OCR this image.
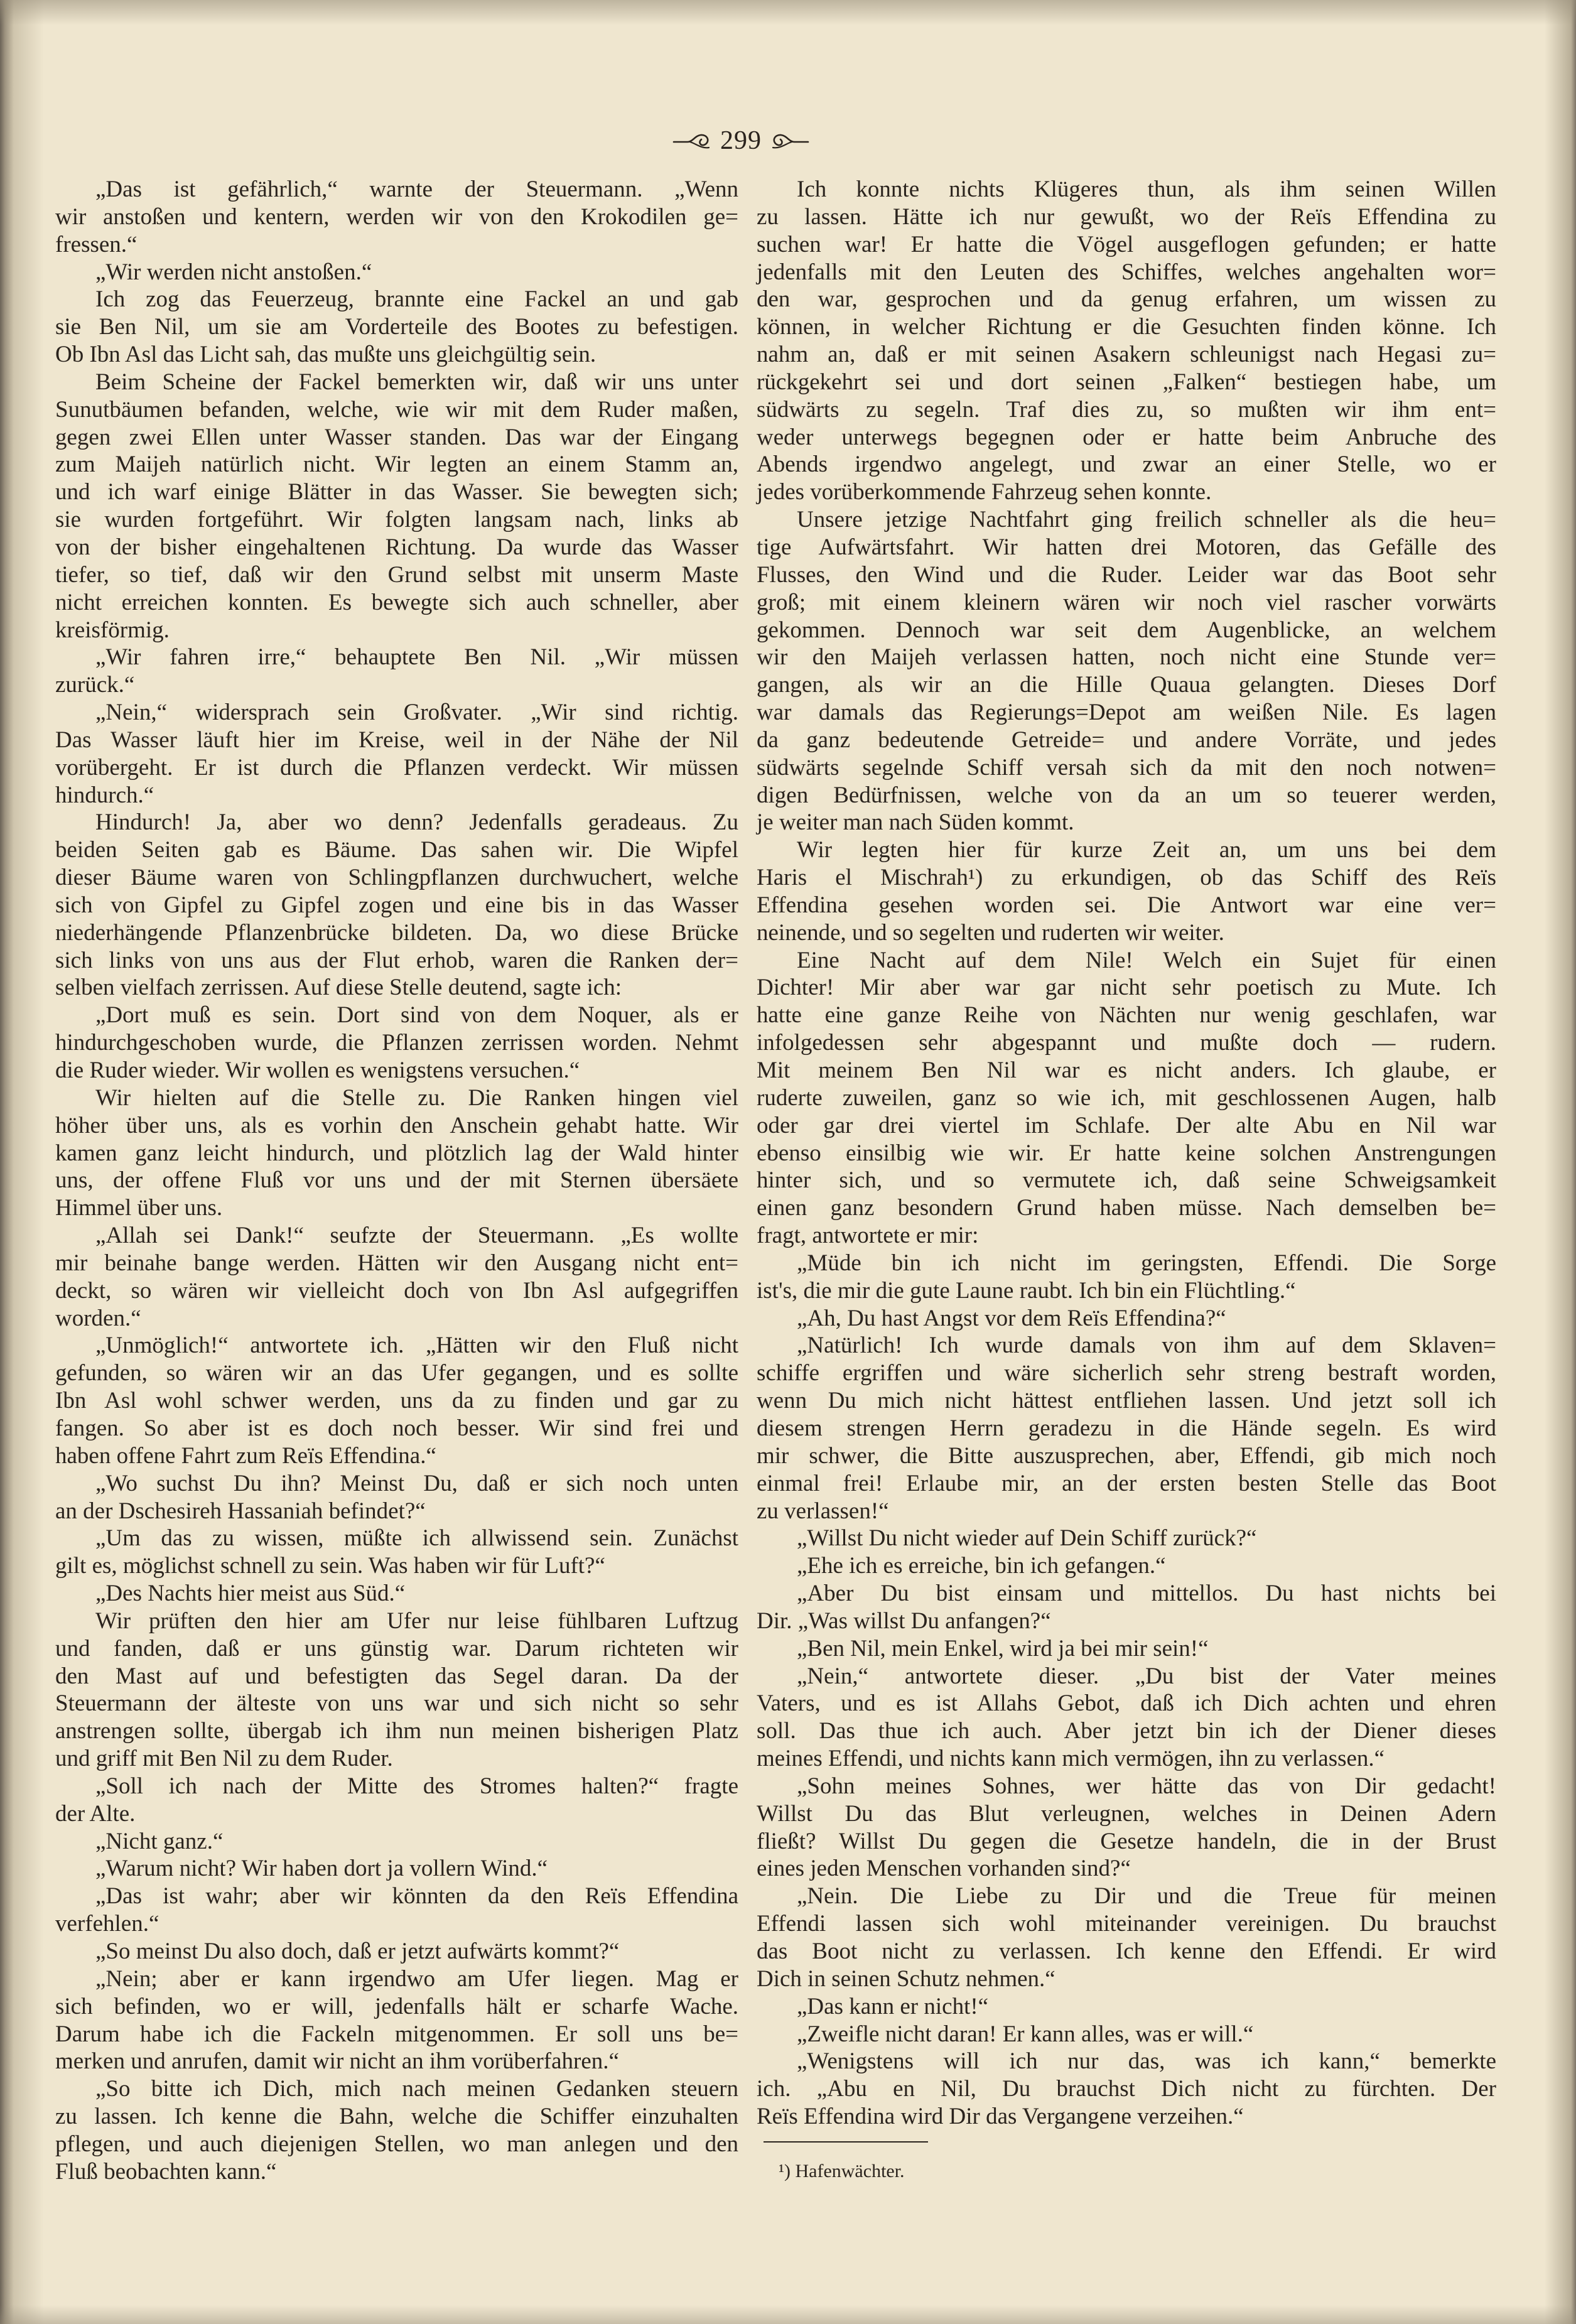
299
„Das ist gefährlich,“ warnte der Steuermann. „Wenn
wir anstoßen und kentern, werden wir von den Krokodilen ge=
fressen.“
„Wir werden nicht anstoßen.“
Ich zog das Feuerzeug, brannte eine Fackel an und gab
sie Ben Nil, um sie am Vorderteile des Bootes zu befestigen.
Ob Ibn Asl das Licht sah, das mußte uns gleichgültig sein.
Beim Scheine der Fackel bemerkten wir, daß wir uns unter
Sunutbäumen befanden, welche, wie wir mit dem Ruder maßen,
gegen zwei Ellen unter Wasser standen. Das war der Eingang
zum Maijeh natürlich nicht. Wir legten an einem Stamm an,
und ich warf einige Blätter in das Wasser. Sie bewegten sich;
sie wurden fortgeführt. Wir folgten langsam nach, links ab
von der bisher eingehaltenen Richtung. Da wurde das Wasser
tiefer, so tief, daß wir den Grund selbst mit unserm Maste
nicht erreichen konnten. Es bewegte sich auch schneller, aber
kreisförmig.
„Wir fahren irre,“ behauptete Ben Nil. „Wir müssen
zurück.“
„Nein,“ widersprach sein Großvater. „Wir sind richtig.
Das Wasser läuft hier im Kreise, weil in der Nähe der Nil
vorübergeht. Er ist durch die Pflanzen verdeckt. Wir müssen
hindurch.“
Hindurch! Ja, aber wo denn? Jedenfalls geradeaus. Zu
beiden Seiten gab es Bäume. Das sahen wir. Die Wipfel
dieser Bäume waren von Schlingpflanzen durchwuchert, welche
sich von Gipfel zu Gipfel zogen und eine bis in das Wasser
niederhängende Pflanzenbrücke bildeten. Da, wo diese Brücke
sich links von uns aus der Flut erhob, waren die Ranken der=
selben vielfach zerrissen. Auf diese Stelle deutend, sagte ich:
„Dort muß es sein. Dort sind von dem Noquer, als er
hindurchgeschoben wurde, die Pflanzen zerrissen worden. Nehmt
die Ruder wieder. Wir wollen es wenigstens versuchen.“
Wir hielten auf die Stelle zu. Die Ranken hingen viel
höher über uns, als es vorhin den Anschein gehabt hatte. Wir
kamen ganz leicht hindurch, und plötzlich lag der Wald hinter
uns, der offene Fluß vor uns und der mit Sternen übersäete
Himmel über uns.
„Allah sei Dank!“ seufzte der Steuermann. „Es wollte
mir beinahe bange werden. Hätten wir den Ausgang nicht ent=
deckt, so wären wir vielleicht doch von Ibn Asl aufgegriffen
worden.“
„Unmöglich!“ antwortete ich. „Hätten wir den Fluß nicht
gefunden, so wären wir an das Ufer gegangen, und es sollte
Ibn Asl wohl schwer werden, uns da zu finden und gar zu
fangen. So aber ist es doch noch besser. Wir sind frei und
haben offene Fahrt zum Reïs Effendina.“
„Wo suchst Du ihn? Meinst Du, daß er sich noch unten
an der Dschesireh Hassaniah befindet?“
„Um das zu wissen, müßte ich allwissend sein. Zunächst
gilt es, möglichst schnell zu sein. Was haben wir für Luft?“
„Des Nachts hier meist aus Süd.“
Wir prüften den hier am Ufer nur leise fühlbaren Luftzug
und fanden, daß er uns günstig war. Darum richteten wir
den Mast auf und befestigten das Segel daran. Da der
Steuermann der älteste von uns war und sich nicht so sehr
anstrengen sollte, übergab ich ihm nun meinen bisherigen Platz
und griff mit Ben Nil zu dem Ruder.
„Soll ich nach der Mitte des Stromes halten?“ fragte
der Alte.
„Nicht ganz.“
„Warum nicht? Wir haben dort ja vollern Wind.“
„Das ist wahr; aber wir könnten da den Reïs Effendina
verfehlen.“
„So meinst Du also doch, daß er jetzt aufwärts kommt?“
„Nein; aber er kann irgendwo am Ufer liegen. Mag er
sich befinden, wo er will, jedenfalls hält er scharfe Wache.
Darum habe ich die Fackeln mitgenommen. Er soll uns be=
merken und anrufen, damit wir nicht an ihm vorüberfahren.“
„So bitte ich Dich, mich nach meinen Gedanken steuern
zu lassen. Ich kenne die Bahn, welche die Schiffer einzuhalten
pflegen, und auch diejenigen Stellen, wo man anlegen und den
Fluß beobachten kann.“
Ich konnte nichts Klügeres thun, als ihm seinen Willen
zu lassen. Hätte ich nur gewußt, wo der Reïs Effendina zu
suchen war! Er hatte die Vögel ausgeflogen gefunden; er hatte
jedenfalls mit den Leuten des Schiffes, welches angehalten wor=
den war, gesprochen und da genug erfahren, um wissen zu
können, in welcher Richtung er die Gesuchten finden könne. Ich
nahm an, daß er mit seinen Asakern schleunigst nach Hegasi zu=
rückgekehrt sei und dort seinen „Falken“ bestiegen habe, um
südwärts zu segeln. Traf dies zu, so mußten wir ihm ent=
weder unterwegs begegnen oder er hatte beim Anbruche des
Abends irgendwo angelegt, und zwar an einer Stelle, wo er
jedes vorüberkommende Fahrzeug sehen konnte.
Unsere jetzige Nachtfahrt ging freilich schneller als die heu=
tige Aufwärtsfahrt. Wir hatten drei Motoren, das Gefälle des
Flusses, den Wind und die Ruder. Leider war das Boot sehr
groß; mit einem kleinern wären wir noch viel rascher vorwärts
gekommen. Dennoch war seit dem Augenblicke, an welchem
wir den Maijeh verlassen hatten, noch nicht eine Stunde ver=
gangen, als wir an die Hille Quaua gelangten. Dieses Dorf
war damals das Regierungs=Depot am weißen Nile. Es lagen
da ganz bedeutende Getreide= und andere Vorräte, und jedes
südwärts segelnde Schiff versah sich da mit den noch notwen=
digen Bedürfnissen, welche von da an um so teuerer werden,
je weiter man nach Süden kommt.
Wir legten hier für kurze Zeit an, um uns bei dem
Haris el Mischrah¹) zu erkundigen, ob das Schiff des Reïs
Effendina gesehen worden sei. Die Antwort war eine ver=
neinende, und so segelten und ruderten wir weiter.
Eine Nacht auf dem Nile! Welch ein Sujet für einen
Dichter! Mir aber war gar nicht sehr poetisch zu Mute. Ich
hatte eine ganze Reihe von Nächten nur wenig geschlafen, war
infolgedessen sehr abgespannt und mußte doch — rudern.
Mit meinem Ben Nil war es nicht anders. Ich glaube, er
ruderte zuweilen, ganz so wie ich, mit geschlossenen Augen, halb
oder gar drei viertel im Schlafe. Der alte Abu en Nil war
ebenso einsilbig wie wir. Er hatte keine solchen Anstrengungen
hinter sich, und so vermutete ich, daß seine Schweigsamkeit
einen ganz besondern Grund haben müsse. Nach demselben be=
fragt, antwortete er mir:
„Müde bin ich nicht im geringsten, Effendi. Die Sorge
ist's, die mir die gute Laune raubt. Ich bin ein Flüchtling.“
„Ah, Du hast Angst vor dem Reïs Effendina?“
„Natürlich! Ich wurde damals von ihm auf dem Sklaven=
schiffe ergriffen und wäre sicherlich sehr streng bestraft worden,
wenn Du mich nicht hättest entfliehen lassen. Und jetzt soll ich
diesem strengen Herrn geradezu in die Hände segeln. Es wird
mir schwer, die Bitte auszusprechen, aber, Effendi, gib mich noch
einmal frei! Erlaube mir, an der ersten besten Stelle das Boot
zu verlassen!“
„Willst Du nicht wieder auf Dein Schiff zurück?“
„Ehe ich es erreiche, bin ich gefangen.“
„Aber Du bist einsam und mittellos. Du hast nichts bei
Dir. „Was willst Du anfangen?“
„Ben Nil, mein Enkel, wird ja bei mir sein!“
„Nein,“ antwortete dieser. „Du bist der Vater meines
Vaters, und es ist Allahs Gebot, daß ich Dich achten und ehren
soll. Das thue ich auch. Aber jetzt bin ich der Diener dieses
meines Effendi, und nichts kann mich vermögen, ihn zu verlassen.“
„Sohn meines Sohnes, wer hätte das von Dir gedacht!
Willst Du das Blut verleugnen, welches in Deinen Adern
fließt? Willst Du gegen die Gesetze handeln, die in der Brust
eines jeden Menschen vorhanden sind?“
„Nein. Die Liebe zu Dir und die Treue für meinen
Effendi lassen sich wohl miteinander vereinigen. Du brauchst
das Boot nicht zu verlassen. Ich kenne den Effendi. Er wird
Dich in seinen Schutz nehmen.“
„Das kann er nicht!“
„Zweifle nicht daran! Er kann alles, was er will.“
„Wenigstens will ich nur das, was ich kann,“ bemerkte
ich. „Abu en Nil, Du brauchst Dich nicht zu fürchten. Der
Reïs Effendina wird Dir das Vergangene verzeihen.“
¹) Hafenwächter.
